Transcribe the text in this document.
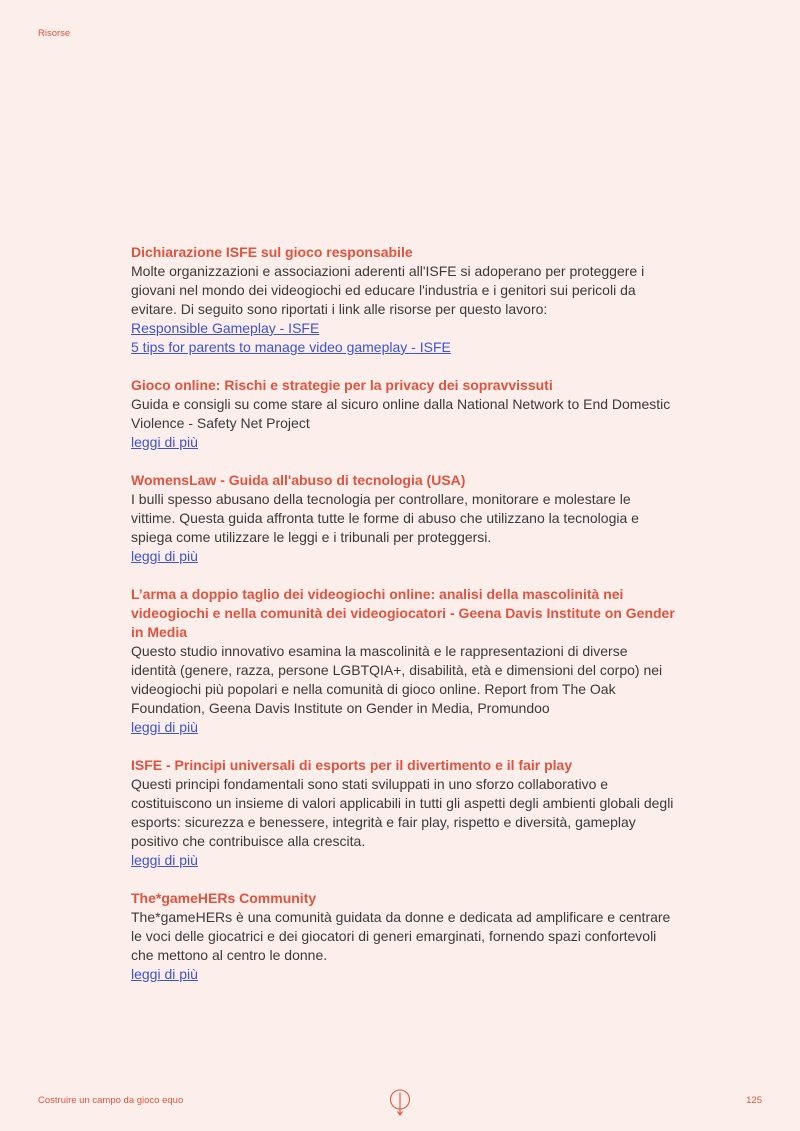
Risorse

Dichiarazione ISFE sul gioco responsabile

Molte organizzazioni e associazioni aderenti all'ISFE si adoperano per proteggere i giovani nel mondo dei videogiochi ed educare l'industria e i genitori sui pericoli da evitare. Di seguito sono riportati i link alle risorse per questo lavoro:

Responsible Gameplay - ISFE
5 tips for parents to manage video gameplay - ISFE

Gioco online: Rischi e strategie per la privacy dei sopravvissuti

Guida e consigli su come stare al sicuro online dalla National Network to End Domestic Violence - Safety Net Project

leggi di più

WomensLaw - Guida all'abuso di tecnologia (USA)

I bulli spesso abusano della tecnologia per controllare, monitorare e molestare le vittime. Questa guida affronta tutte le forme di abuso che utilizzano la tecnologia e spiega come utilizzare le leggi e i tribunali per proteggersi.

leggi di più

L’arma a doppio taglio dei videogiochi online: analisi della mascolinità nei videogiochi e nella comunità dei videogiocatori - Geena Davis Institute on Gender in Media

Questo studio innovativo esamina la mascolinità e le rappresentazioni di diverse identità (genere, razza, persone LGBTQIA+, disabilità, età e dimensioni del corpo) nei videogiochi più popolari e nella comunità di gioco online. Report from The Oak Foundation, Geena Davis Institute on Gender in Media, Promundoo

leggi di più

ISFE - Principi universali di esports per il divertimento e il fair play

Questi principi fondamentali sono stati sviluppati in uno sforzo collaborativo e costituiscono un insieme di valori applicabili in tutti gli aspetti degli ambienti globali degli esports: sicurezza e benessere, integrità e fair play, rispetto e diversità, gameplay positivo che contribuisce alla crescita.

leggi di più

The*gameHERs Community

The*gameHERs è una comunità guidata da donne e dedicata ad amplificare e centrare le voci delle giocatrici e dei giocatori di generi emarginati, fornendo spazi confortevoli che mettono al centro le donne.

leggi di più
Costruire un campo da gioco equo	125
